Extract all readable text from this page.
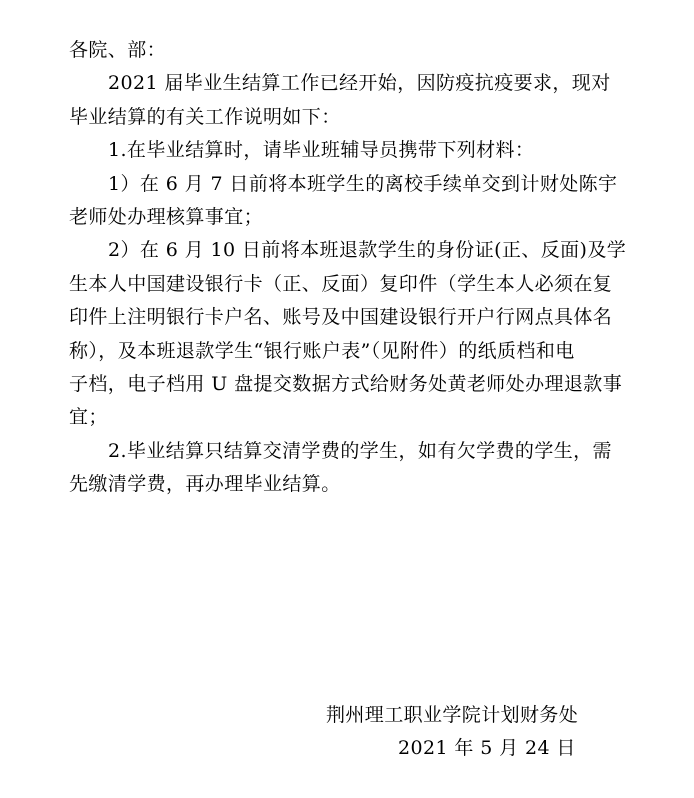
各院、部：
2021 届毕业生结算工作已经开始，因防疫抗疫要求，现对
毕业结算的有关工作说明如下：
1.在毕业结算时，请毕业班辅导员携带下列材料：
1）在 6 月 7 日前将本班学生的离校手续单交到计财处陈宇
老师处办理核算事宜；
2）在 6 月 10 日前将本班退款学生的身份证(正、反面)及学
生本人中国建设银行卡（正、反面）复印件（学生本人必须在复
印件上注明银行卡户名、账号及中国建设银行开户行网点具体名
称），及本班退款学生“银行账户表”（见附件）的纸质档和电
子档，电子档用 U 盘提交数据方式给财务处黄老师处办理退款事
宜；
2.毕业结算只结算交清学费的学生，如有欠学费的学生，需
先缴清学费，再办理毕业结算。
荆州理工职业学院计划财务处
2021 年 5 月 24 日
